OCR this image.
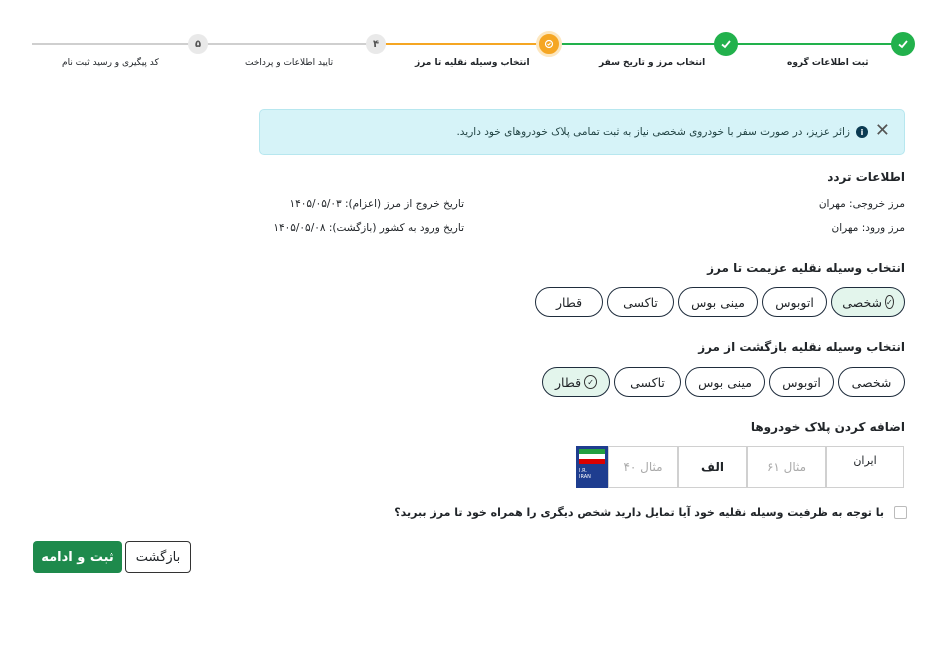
ثبت اطلاعات گروه
انتخاب مرز و تاریخ سفر
انتخاب وسیله نقلیه تا مرز
۴
تایید اطلاعات و پرداخت
۵
کد پیگیری و رسید ثبت نام
✕
iزائر عزیز، در صورت سفر با خودروی شخصی نیاز به ثبت تمامی پلاک خودروهای خود دارید.
اطلاعات تردد
مرز خروجی: مهران
مرز ورود: مهران
تاریخ خروج از مرز (اعزام): ۱۴۰۵/۰۵/۰۳
تاریخ ورود به کشور (بازگشت): ۱۴۰۵/۰۵/۰۸
انتخاب وسیله نقلیه عزیمت تا مرز
✓
شخصی
اتوبوس
مینی بوس
تاکسی
قطار
انتخاب وسیله نقلیه بازگشت از مرز
شخصی
اتوبوس
مینی بوس
تاکسی
✓
قطار
اضافه کردن پلاک خودروها
ایران
مثال ۶۱
الف
مثال ۴۰
I.R.
IRAN
با توجه به ظرفیت وسیله نقلیه خود آیا تمایل دارید شخص دیگری را همراه خود تا مرز ببرید؟
ثبت و ادامه	بازگشت
